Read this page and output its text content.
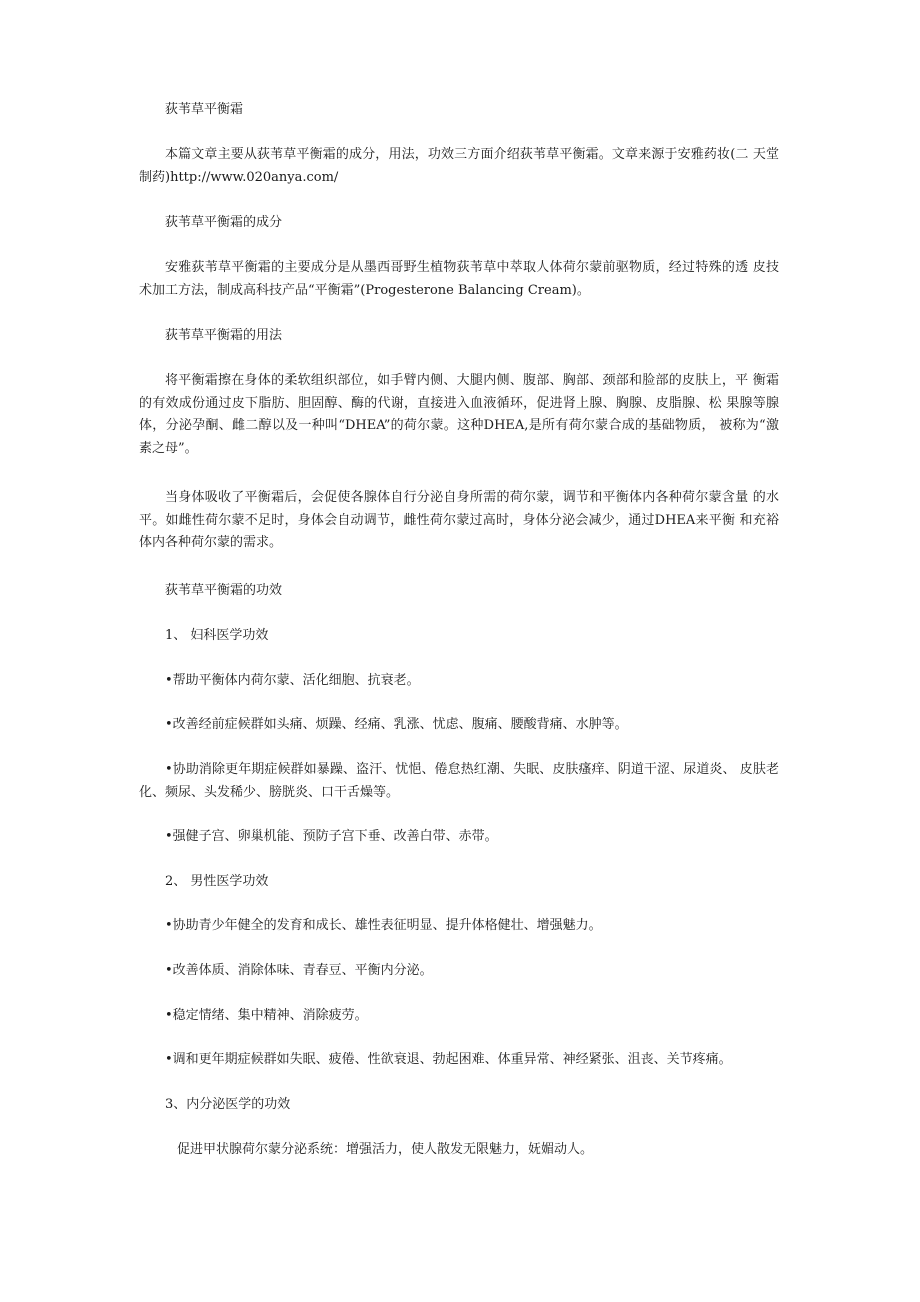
荻苇草平衡霜

本篇文章主要从荻苇草平衡霜的成分，用法，功效三方面介绍荻苇草平衡霜。文章来源于安雅药妆(二 天堂制药)http://www.020anya.com/

荻苇草平衡霜的成分

安雅荻苇草平衡霜的主要成分是从墨西哥野生植物荻苇草中萃取人体荷尔蒙前驱物质，经过特殊的透 皮技术加工方法，制成高科技产品“平衡霜”(Progesterone Balancing Cream)。

荻苇草平衡霜的用法

将平衡霜擦在身体的柔软组织部位，如手臂内侧、大腿内侧、腹部、胸部、颈部和脸部的皮肤上，平 衡霜的有效成份通过皮下脂肪、胆固醇、酶的代谢，直接进入血液循环，促进肾上腺、胸腺、皮脂腺、松 果腺等腺体，分泌孕酮、雌二醇以及一种叫“DHEA”的荷尔蒙。这种DHEA,是所有荷尔蒙合成的基础物质， 被称为“激素之母”。

当身体吸收了平衡霜后，会促使各腺体自行分泌自身所需的荷尔蒙，调节和平衡体内各种荷尔蒙含量 的水平。如雌性荷尔蒙不足时，身体会自动调节，雌性荷尔蒙过高时，身体分泌会减少，通过DHEA来平衡 和充裕体内各种荷尔蒙的需求。

荻苇草平衡霜的功效

1、 妇科医学功效

•帮助平衡体内荷尔蒙、活化细胞、抗衰老。

•改善经前症候群如头痛、烦躁、经痛、乳涨、忧虑、腹痛、腰酸背痛、水肿等。

•协助消除更年期症候群如暴躁、盗汗、忧悒、倦怠热红潮、失眠、皮肤瘙痒、阴道干涩、尿道炎、 皮肤老化、频尿、头发稀少、膀胱炎、口干舌燥等。

•强健子宫、卵巢机能、预防子宫下垂、改善白带、赤带。

2、 男性医学功效

•协助青少年健全的发育和成长、雄性表征明显、提升体格健壮、增强魅力。

•改善体质、消除体味、青春豆、平衡内分泌。

•稳定情绪、集中精神、消除疲劳。

•调和更年期症候群如失眠、疲倦、性欲衰退、勃起困难、体重异常、神经紧张、沮丧、关节疼痛。

3、内分泌医学的功效

促进甲状腺荷尔蒙分泌系统：增强活力，使人散发无限魅力，妩媚动人。
